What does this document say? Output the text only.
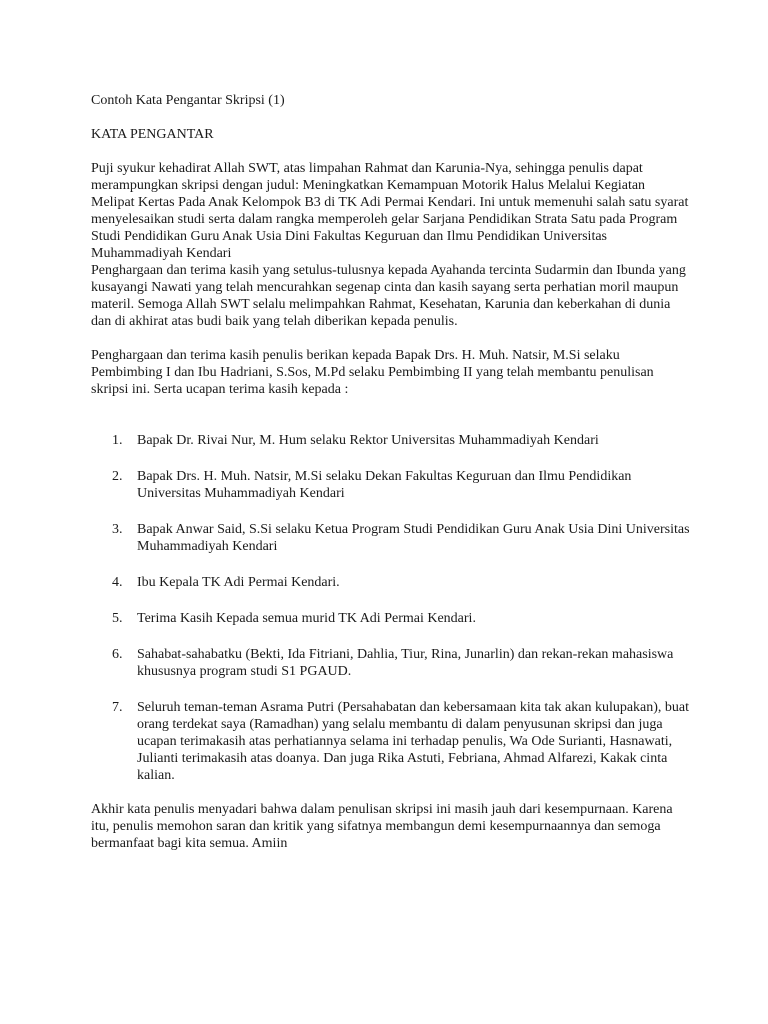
Contoh Kata Pengantar Skripsi (1)

KATA PENGANTAR

Puji syukur kehadirat Allah SWT, atas limpahan Rahmat dan Karunia-Nya, sehingga penulis dapat merampungkan skripsi dengan judul: Meningkatkan Kemampuan Motorik Halus Melalui Kegiatan Melipat Kertas Pada Anak Kelompok B3 di TK Adi Permai Kendari. Ini untuk memenuhi salah satu syarat menyelesaikan studi serta dalam rangka memperoleh gelar Sarjana Pendidikan Strata Satu pada Program Studi Pendidikan Guru Anak Usia Dini Fakultas Keguruan dan Ilmu Pendidikan Universitas Muhammadiyah Kendari

Penghargaan dan terima kasih yang setulus-tulusnya kepada Ayahanda tercinta Sudarmin dan Ibunda yang kusayangi Nawati yang telah mencurahkan segenap cinta dan kasih sayang serta perhatian moril maupun materil. Semoga Allah SWT selalu melimpahkan Rahmat, Kesehatan, Karunia dan keberkahan di dunia dan di akhirat atas budi baik yang telah diberikan kepada penulis.

Penghargaan dan terima kasih penulis berikan kepada Bapak Drs. H. Muh. Natsir, M.Si selaku Pembimbing I dan Ibu Hadriani, S.Sos, M.Pd selaku Pembimbing II yang telah membantu penulisan skripsi ini. Serta ucapan terima kasih kepada :

1. Bapak Dr. Rivai Nur, M. Hum selaku Rektor Universitas Muhammadiyah Kendari
2. Bapak Drs. H. Muh. Natsir, M.Si selaku Dekan Fakultas Keguruan dan Ilmu Pendidikan Universitas Muhammadiyah Kendari
3. Bapak Anwar Said, S.Si selaku Ketua Program Studi Pendidikan Guru Anak Usia Dini Universitas Muhammadiyah Kendari
4. Ibu Kepala TK Adi Permai Kendari.
5. Terima Kasih Kepada semua murid TK Adi Permai Kendari.
6. Sahabat-sahabatku (Bekti, Ida Fitriani, Dahlia, Tiur, Rina, Junarlin) dan rekan-rekan mahasiswa khususnya program studi S1 PGAUD.
7. Seluruh teman-teman Asrama Putri (Persahabatan dan kebersamaan kita tak akan kulupakan), buat orang terdekat saya (Ramadhan) yang selalu membantu di dalam penyusunan skripsi dan juga ucapan terimakasih atas perhatiannya selama ini terhadap penulis, Wa Ode Surianti, Hasnawati, Julianti terimakasih atas doanya. Dan juga Rika Astuti, Febriana, Ahmad Alfarezi, Kakak cinta kalian.

Akhir kata penulis menyadari bahwa dalam penulisan skripsi ini masih jauh dari kesempurnaan. Karena itu, penulis memohon saran dan kritik yang sifatnya membangun demi kesempurnaannya dan semoga bermanfaat bagi kita semua. Amiin
